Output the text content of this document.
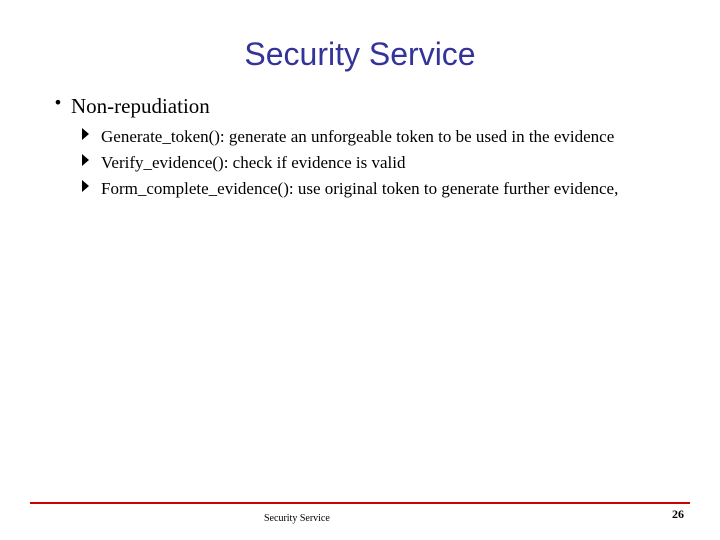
Security Service
• Non-repudiation
Generate_token(): generate an unforgeable token to be used in the evidence
Verify_evidence(): check if evidence is valid
Form_complete_evidence(): use original token to generate further evidence,
Security Service	26
